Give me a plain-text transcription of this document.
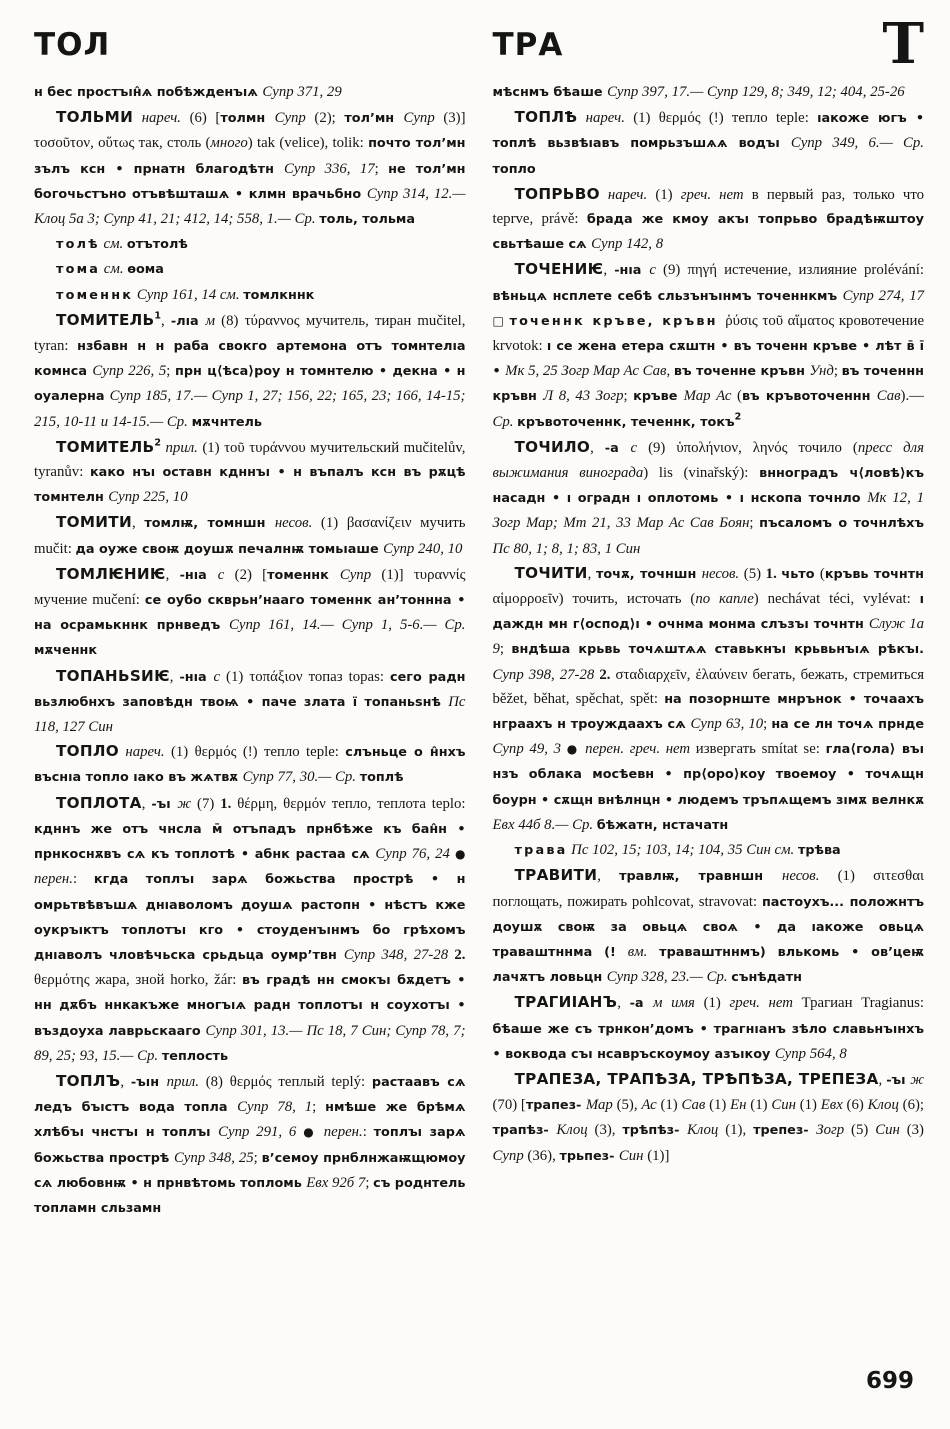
ТОЛ	ТРА	Т

н бес простъıн̂ѧ побѣжденъıѧ Супр 371, 29

ТОЛЬМИ нареч. (6) [толмн Супр (2); тол’мн Супр (3)] τοσοῦτον, οὕτως так, столь (много) tak (velice), tolik: почто тол’мн зълъ ксн • прнатн благодѣтн Супр 336, 17; не тол’мн богочьстъно отъвѣшташѧ • клмн врачьбно Супр 314, 12.— Клоц 5а 3; Супр 41, 21; 412, 14; 558, 1.— Ср. толь, тольма

толѣ см. отътолѣ

тома см. ѳома

томеннк Супр 161, 14 см. томлкннк

ТОМИТЕЛЬ$^1$, -лıа м (8) τύραννος мучитель, тиран mučitel, tyran: нзбавн н н раба свокго артемона отъ томнтелıа комнса Супр 226, 5; прн ц⟨ѣса⟩роу н томнтелю • декна • н оуалерна Супр 185, 17.— Супр 1, 27; 156, 22; 165, 23; 166, 14-15; 215, 10-11 и 14-15.— Ср. мѫчнтель

ТОМИТЕЛЬ$^2$ прил. (1) τοῦ τυράννου мучительский mučitelův, tyranův: како нъı оставн кдннъı • н въпалъ ксн въ рѫцѣ томнтелн Супр 225, 10

ТОМИТИ, томлѭ, томншн несов. (1) βασανίζειν мучить mučit: да оуже своѭ доушѫ печалнѭ томьıаше Супр 240, 10

ТОМЛѤНИѤ, -нıа с (2) [томеннк Супр (1)] τυραννίς мучение mučení: се оубо скврьн’нааго томеннк ан’тоннна • на осрамькннк прнведъ Супр 161, 14.— Супр 1, 5-6.— Ср. мѫченнк

ТОПАНЬЅИѤ, -нıа с (1) τοπάξιον топаз topas: сего радн вьзлюбнхъ заповѣдн твоѩ • паче злата ї топаньѕнѣ Пс 118, 127 Син

ТОПЛО нареч. (1) θερμός (!) тепло teple: слъньце о н̂нхъ въснıа топло ıако въ жѧтвѫ Супр 77, 30.— Ср. топлѣ

ТОПЛОТА, -ъı ж (7) 1. θέρμη, θερμόν тепло, теплота teplo: кдннъ же отъ чнсла м̄ отъпадъ прнбѣже къ бан̂н • прнкоснѫвъ сѧ къ топлотѣ • абнк растаа сѧ Супр 76, 24 ● перен.: кгда топлъı зарѧ божьства прострѣ • н омрьтвѣвъшѧ днıаволомъ доушѧ растопн • нѣстъ кже оукръıктъ топлотъı кго • стоуденъıнмъ бо грѣхомъ днıаволъ чловѣчьска срьдьца оумр’твн Супр 348, 27-28 2. θερμότης жара, зной horko, žár: въ градѣ нн смокъı бѫдетъ • нн дѫбъ ннкакъже многъıѧ радн топлотъı н соухотъı • въздоуха лаврьскааго Супр 301, 13.— Пс 18, 7 Син; Супр 78, 7; 89, 25; 93, 15.— Ср. теплость

ТОПЛЪ, -ъıн прил. (8) θερμός теплый teplý: растаавъ сѧ ледъ бъıстъ вода топла Супр 78, 1; нмѣше же брѣмѧ хлѣбъı чнстъı н топлъı Супр 291, 6 ● перен.: топлъı зарѧ божьства прострѣ Супр 348, 25; в’семоу прнблнжаѭщюмоу сѧ любовнѭ • н прнвѣтомь топломь Евх 92б 7; съ роднтель топламн сльзамн

мѣснмъ бѣаше Супр 397, 17.— Супр 129, 8; 349, 12; 404, 25-26

ТОПЛѢ нареч. (1) θερμός (!) тепло teple: ıакоже югъ • топлѣ вьзвѣıавъ помрьзъшѧѧ водъı Супр 349, 6.— Ср. топло

ТОПРЬВО нареч. (1) греч. нет в первый раз, только что teprve, právě: брада же кмоу акъı топрьво брадѣѭштоу свьтѣаше сѧ Супр 142, 8

ТОЧЕНИѤ, -нıа с (9) πηγή истечение, излияние prolévání: вѣньцѧ нсплете себѣ сльзънъıнмъ точеннкмъ Супр 274, 17 □ точеннк кръве, кръвн ῥύσις τοῦ αἵματος кровотечение krvotok: ı се жена етера сѫштн • въ точенн кръве • лѣт в̄ ı̄ • Мк 5, 25 Зогр Мар Ас Сав, въ точенне кръвн Унд; въ точеннн кръвн Л 8, 43 Зогр; кръве Мар Ас (въ кръвоточеннн Сав).— Ср. кръвоточеннк, теченнк, токъ$^2$

ТОЧИЛО, -а с (9) ὑπολήνιον, ληνός точило (пресс для выжимания винограда) lis (vinařský): внноградъ ч⟨ловѣ⟩къ насадн • ı оградн ı оплотомь • ı нскопа точнло Мк 12, 1 Зогр Мар; Мт 21, 33 Мар Ас Сав Боян; пъсаломъ о точнлѣхъ Пс 80, 1; 8, 1; 83, 1 Син

ТОЧИТИ, точѫ, точншн несов. (5) 1. чьто (кръвь точнтн αἱμορροεῖν) точить, источать (по капле) nechávat téci, vylévat: ı даждн мн г⟨оспод⟩ı • очнма монма слъзъı точнтн Служ 1а 9; вндѣша крьвь точѧштѧѧ ставькнъı крьвьнъıѧ рѣкъı. Супр 398, 27-28 2. σταδιαρχεῖν, ἐλαύνειν бегать, бежать, стремиться běžet, běhat, spěchat, spět: на позорнште мнрънок • точаахъ нграахъ н троуждаахъ сѧ Супр 63, 10; на се лн точѧ прнде Супр 49, 3 ● перен. греч. нет извергать smítat se: гла⟨гола⟩ въı нзъ облака мосѣевн • пр⟨оро⟩коу твоемоу • точѧщн боурн • сѫщн внѣлнцн • людемъ тръпѧщемъ зıмѫ велнкѫ Евх 44б 8.— Ср. бѣжатн, нстачатн

трава Пс 102, 15; 103, 14; 104, 35 Син см. трѣва

ТРАВИТИ, травлѭ, травншн несов. (1) σιτεσθαι поглощать, пожирать pohlcovat, stravovat: пастоухъ... положнтъ доушѫ своѭ за овьцѧ своѧ • да ıакоже овьцѧ траваштннма (! вм. траваштннмъ) влькомь • ов’цеѭ лачѫтъ ловьцн Супр 328, 23.— Ср. сънѣдатн

ТРАГИІАНЪ, -а м имя (1) греч. нет Трагиан Tragianus: бѣаше же съ трнкон’домъ • трагнıанъ зѣло славьнъıнхъ • воквода съı нсавръскоумоу азъıкоу Супр 564, 8

ТРАПЕЗА, ТРАПѢЗА, ТРѢПѢЗА, ТРЕПЕЗА, -ъı ж (70) [трапез- Мар (5), Ас (1) Сав (1) Ен (1) Син (1) Евх (6) Клоц (6); трапѣз- Клоц (3), трѣпѣз- Клоц (1), трепез- Зогр (5) Син (3) Супр (36), трьпез- Син (1)]

699
